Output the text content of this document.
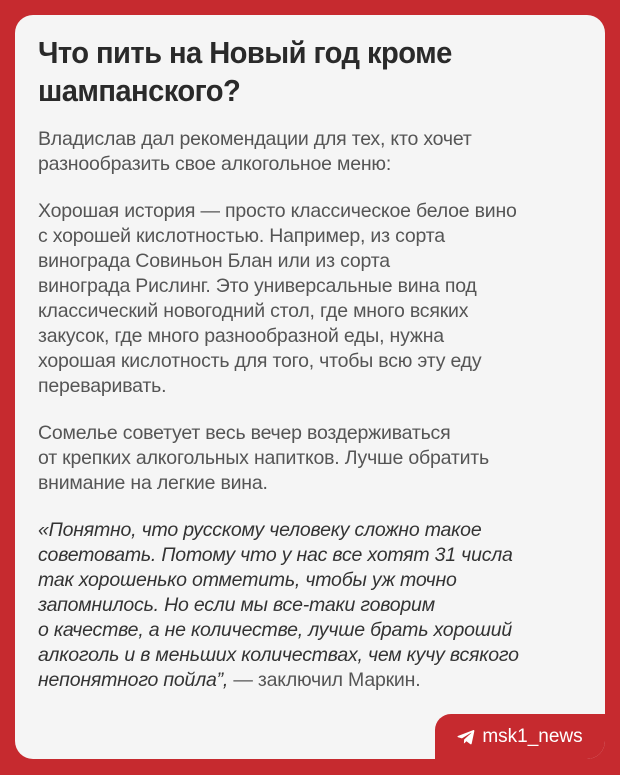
Что пить на Новый год кроме шампанского?

Владислав дал рекомендации для тех, кто хочет
разнообразить свое алкогольное меню:

Хорошая история — просто классическое белое вино
с хорошей кислотностью. Например, из сорта
винограда Совиньон Блан или из сорта
винограда Рислинг. Это универсальные вина под
классический новогодний стол, где много всяких
закусок, где много разнообразной еды, нужна
хорошая кислотность для того, чтобы всю эту еду
переваривать.

Сомелье советует весь вечер воздерживаться
от крепких алкогольных напитков. Лучше обратить
внимание на легкие вина.

«Понятно, что русскому человеку сложно такое
советовать. Потому что у нас все хотят 31 числа
так хорошенько отметить, чтобы уж точно
запомнилось. Но если мы все-таки говорим
о качестве, а не количестве, лучше брать хороший
алкоголь и в меньших количествах, чем кучу всякого
непонятного пойла”, — заключил Маркин.

msk1_news
